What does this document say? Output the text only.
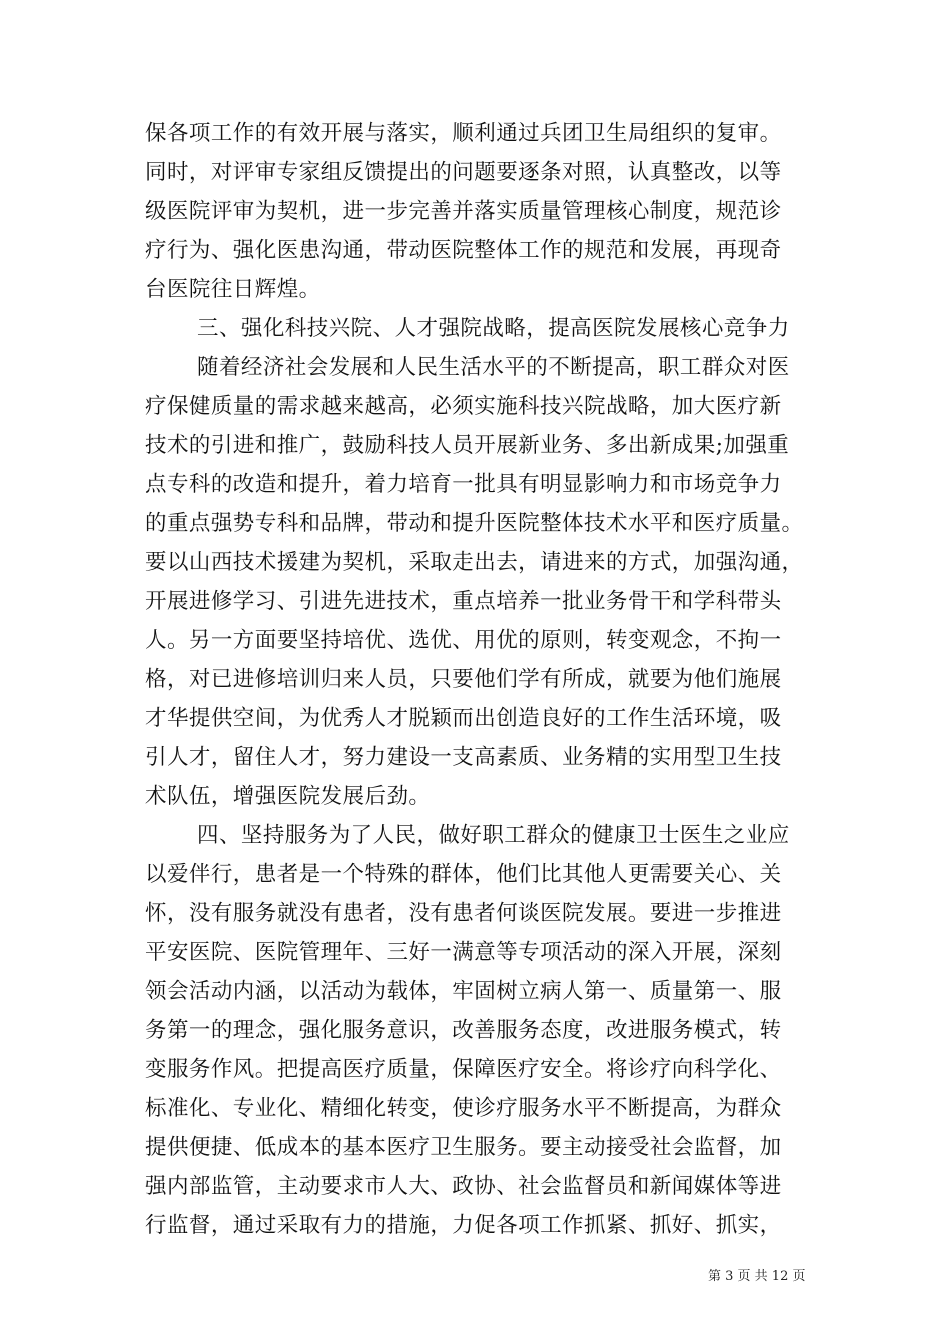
保各项工作的有效开展与落实，顺利通过兵团卫生局组织的复审。
同时，对评审专家组反馈提出的问题要逐条对照，认真整改，以等
级医院评审为契机，进一步完善并落实质量管理核心制度，规范诊
疗行为、强化医患沟通，带动医院整体工作的规范和发展，再现奇
台医院往日辉煌。
三、强化科技兴院、人才强院战略，提高医院发展核心竞争力
随着经济社会发展和人民生活水平的不断提高，职工群众对医
疗保健质量的需求越来越高，必须实施科技兴院战略，加大医疗新
技术的引进和推广，鼓励科技人员开展新业务、多出新成果;加强重
点专科的改造和提升，着力培育一批具有明显影响力和市场竞争力
的重点强势专科和品牌，带动和提升医院整体技术水平和医疗质量。
要以山西技术援建为契机，采取走出去，请进来的方式，加强沟通，
开展进修学习、引进先进技术，重点培养一批业务骨干和学科带头
人。另一方面要坚持培优、选优、用优的原则，转变观念，不拘一
格，对已进修培训归来人员，只要他们学有所成，就要为他们施展
才华提供空间，为优秀人才脱颖而出创造良好的工作生活环境，吸
引人才，留住人才，努力建设一支高素质、业务精的实用型卫生技
术队伍，增强医院发展后劲。
四、坚持服务为了人民，做好职工群众的健康卫士医生之业应
以爱伴行，患者是一个特殊的群体，他们比其他人更需要关心、关
怀，没有服务就没有患者，没有患者何谈医院发展。要进一步推进
平安医院、医院管理年、三好一满意等专项活动的深入开展，深刻
领会活动内涵，以活动为载体，牢固树立病人第一、质量第一、服
务第一的理念，强化服务意识，改善服务态度，改进服务模式，转
变服务作风。把提高医疗质量，保障医疗安全。将诊疗向科学化、
标准化、专业化、精细化转变，使诊疗服务水平不断提高，为群众
提供便捷、低成本的基本医疗卫生服务。要主动接受社会监督，加
强内部监管，主动要求市人大、政协、社会监督员和新闻媒体等进
行监督，通过采取有力的措施，力促各项工作抓紧、抓好、抓实，
第 3 页 共 12 页
